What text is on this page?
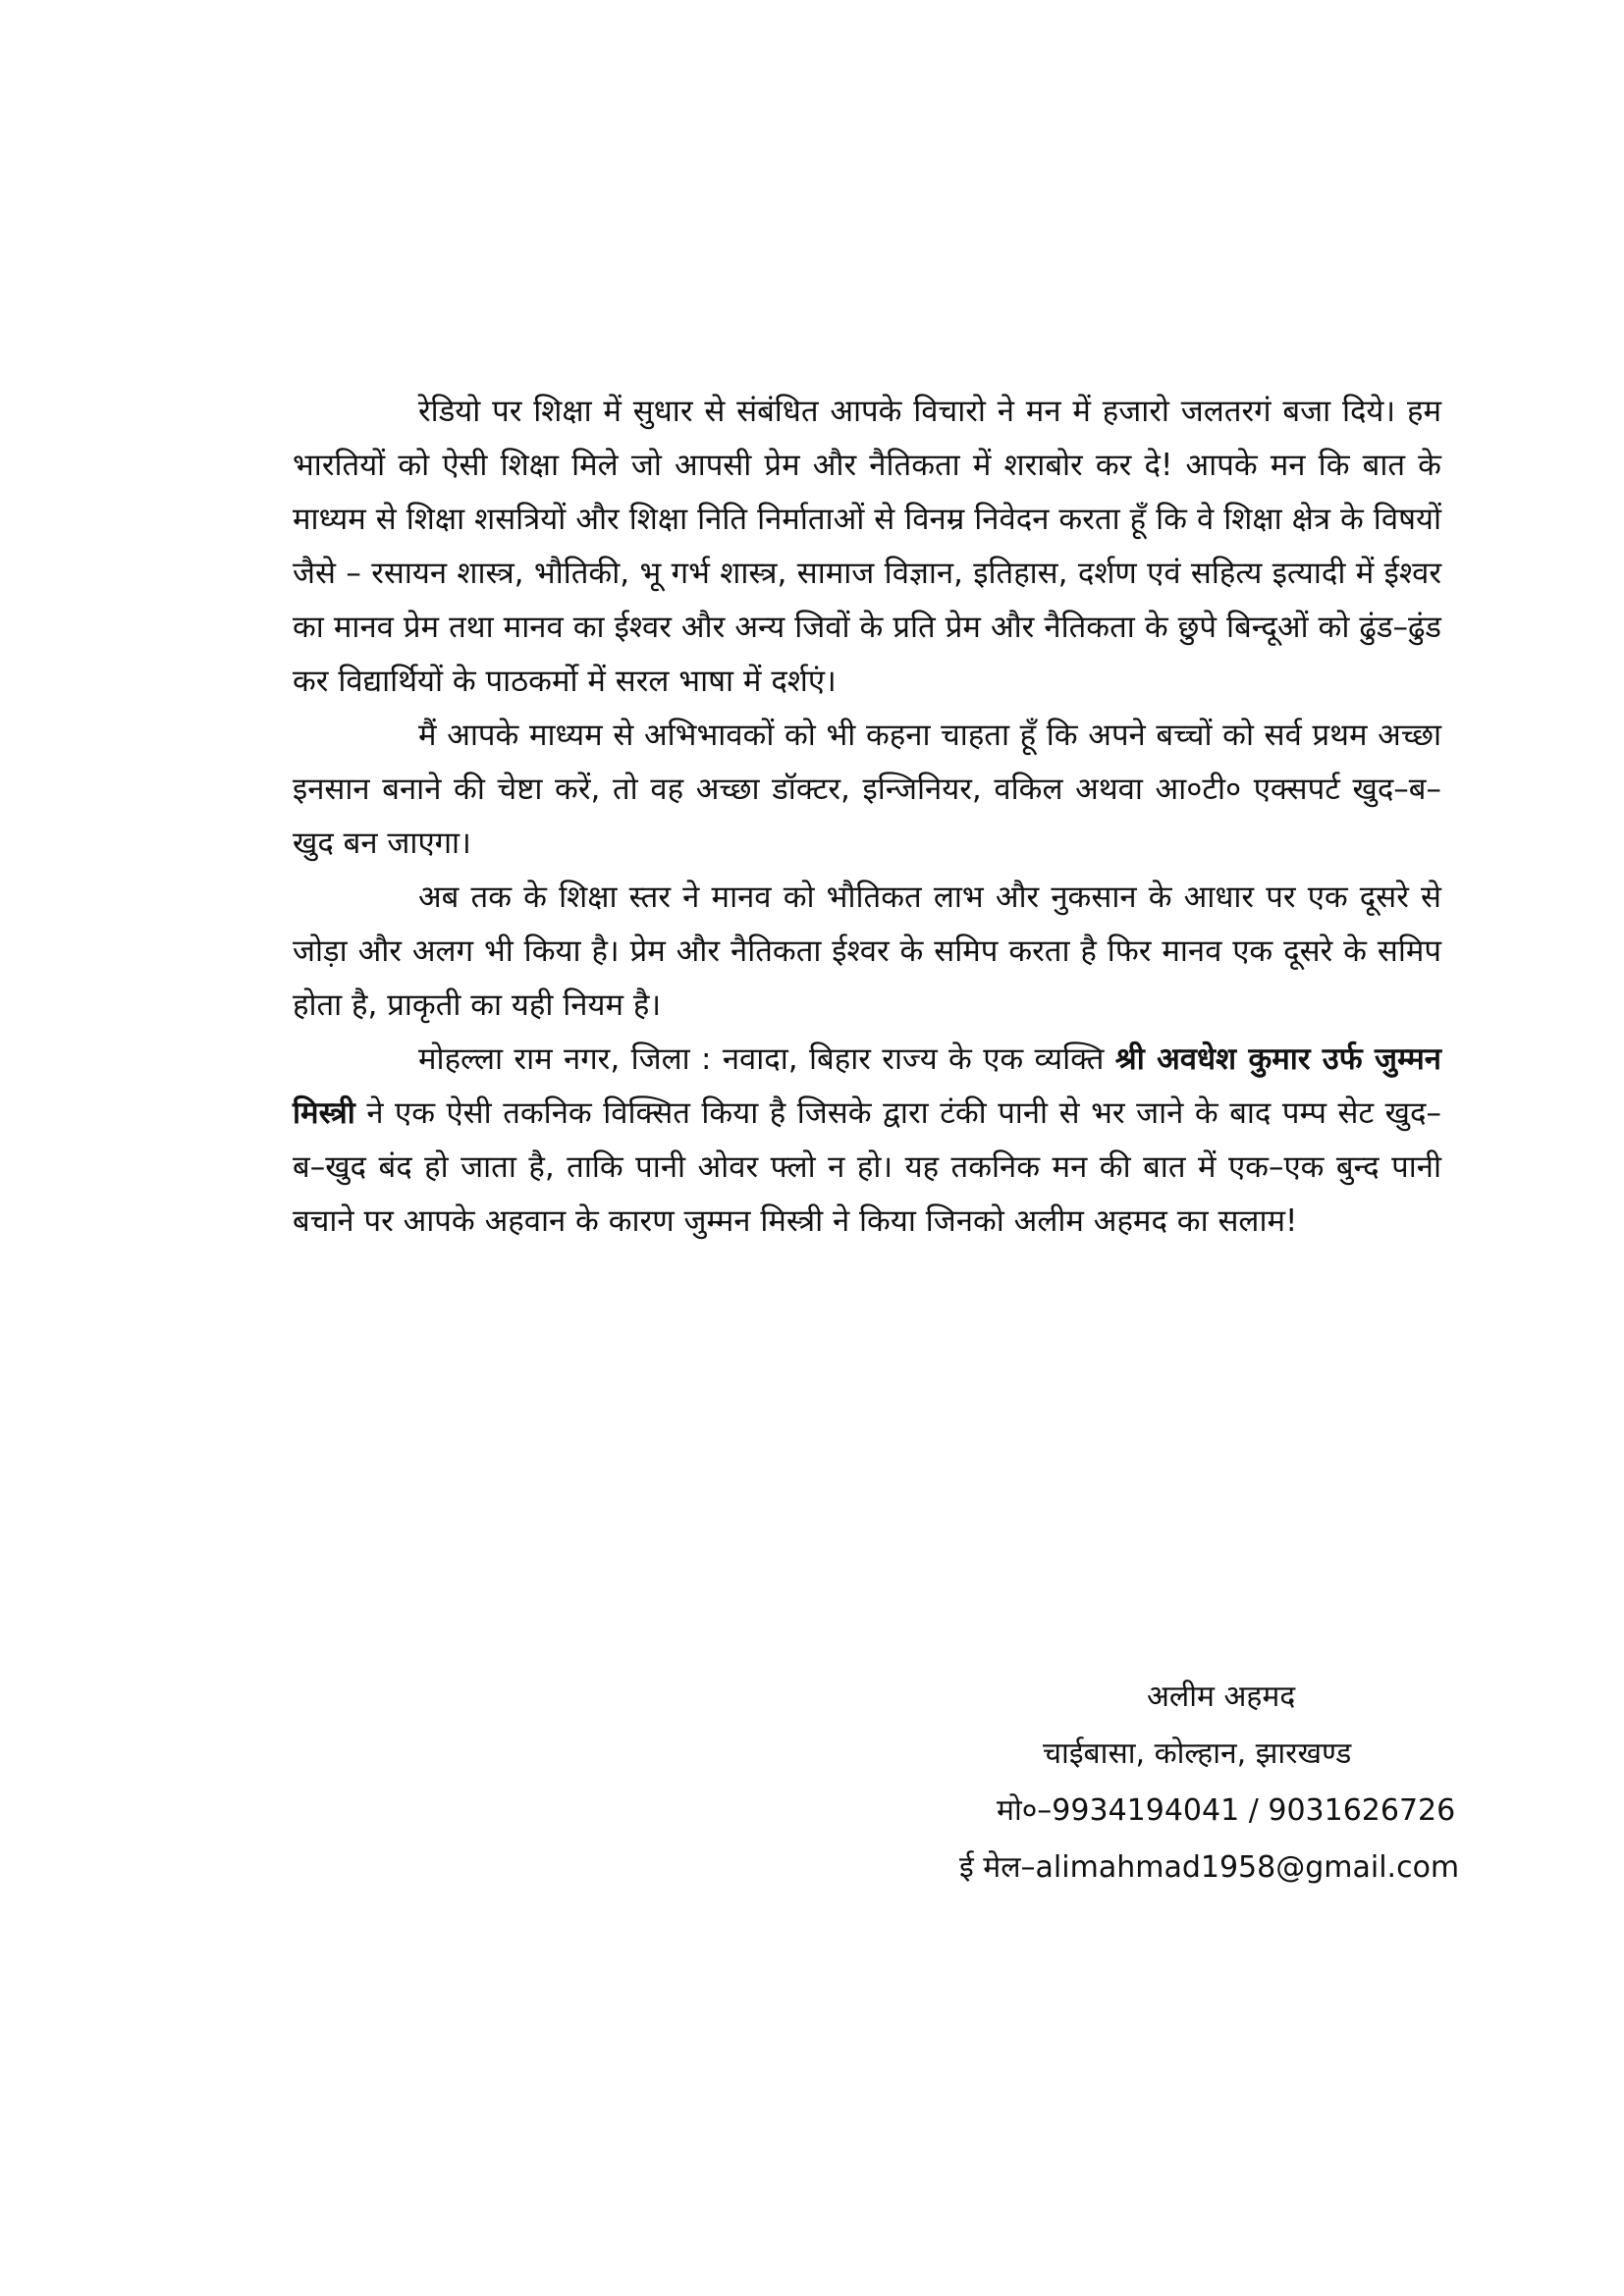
रेडियो पर शिक्षा में सुधार से संबंधित आपके विचारो ने मन में हजारो जलतरगं बजा दिये। हम भारतियों को ऐसी शिक्षा मिले जो आपसी प्रेम और नैतिकता में शराबोर कर दे! आपके मन कि बात के माध्यम से शिक्षा शसत्रियों और शिक्षा निति निर्माताओं से विनम्र निवेदन करता हूँ कि वे शिक्षा क्षेत्र के विषयों जैसे – रसायन शास्त्र, भौतिकी, भू गर्भ शास्त्र, सामाज विज्ञान, इतिहास, दर्शण एवं सहित्य इत्यादी में ईश्वर का मानव प्रेम तथा मानव का ईश्वर और अन्य जिवों के प्रति प्रेम और नैतिकता के छुपे बिन्दूओं को ढुंड–ढुंड कर विद्यार्थियों के पाठकर्मो में सरल भाषा में दर्शएं।

मैं आपके माध्यम से अभिभावकों को भी कहना चाहता हूँ कि अपने बच्चों को सर्व प्रथम अच्छा इनसान बनाने की चेष्टा करें, तो वह अच्छा डॉक्टर, इन्जिनियर, वकिल अथवा आ०टी० एक्सपर्ट खुद–ब–खुद बन जाएगा।

अब तक के शिक्षा स्तर ने मानव को भौतिकत लाभ और नुकसान के आधार पर एक दूसरे से जोड़ा और अलग भी किया है। प्रेम और नैतिकता ईश्वर के समिप करता है फिर मानव एक दूसरे के समिप होता है, प्राकृती का यही नियम है।

मोहल्ला राम नगर, जिला : नवादा, बिहार राज्य के एक व्यक्ति श्री अवधेश कुमार उर्फ जुम्मन मिस्त्री ने एक ऐसी तकनिक विक्सित किया है जिसके द्वारा टंकी पानी से भर जाने के बाद पम्प सेट खुद–ब–खुद बंद हो जाता है, ताकि पानी ओवर फ्लो न हो। यह तकनिक मन की बात में एक–एक बुन्द पानी बचाने पर आपके अहवान के कारण जुम्मन मिस्त्री ने किया जिनको अलीम अहमद का सलाम!

अलीम अहमद
चाईबासा, कोल्हान, झारखण्ड
मो०–9934194041 / 9031626726
ई मेल–alimahmad1958@gmail.com
